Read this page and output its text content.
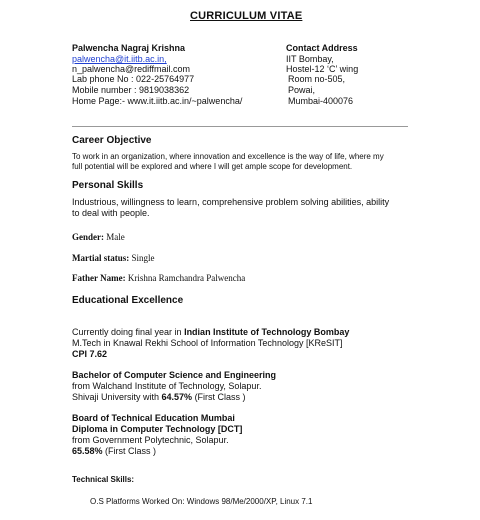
CURRICULUM VITAE
Palwencha Nagraj Krishna
palwencha@it.iitb.ac.in,
n_palwencha@rediffmail.com
Lab phone No : 022-25764977
Mobile number : 9819038362
Home Page:- www.it.iitb.ac.in/~palwencha/
Contact Address
IIT Bombay,
Hostel-12 ‘C’ wing
Room no-505,
Powai,
Mumbai-400076
Career Objective
To work in an organization, where innovation and excellence is the way of life, where my
full potential will be explored and where I will get ample scope for development.
Personal Skills
Industrious, willingness to learn, comprehensive problem solving abilities, ability
to deal with people.
Gender: Male
Martial status: Single
Father Name: Krishna Ramchandra Palwencha
Educational Excellence
Currently doing final year in Indian Institute of Technology Bombay
M.Tech in Knawal Rekhi School of Information Technology [KReSIT]
CPI 7.62
Bachelor of Computer Science and Engineering
from Walchand Institute of Technology, Solapur.
Shivaji University with 64.57% (First Class )
Board of Technical Education Mumbai
Diploma in Computer Technology [DCT]
from Government Polytechnic, Solapur.
65.58% (First Class )
Technical Skills:
O.S Platforms Worked On: Windows 98/Me/2000/XP, Linux 7.1
